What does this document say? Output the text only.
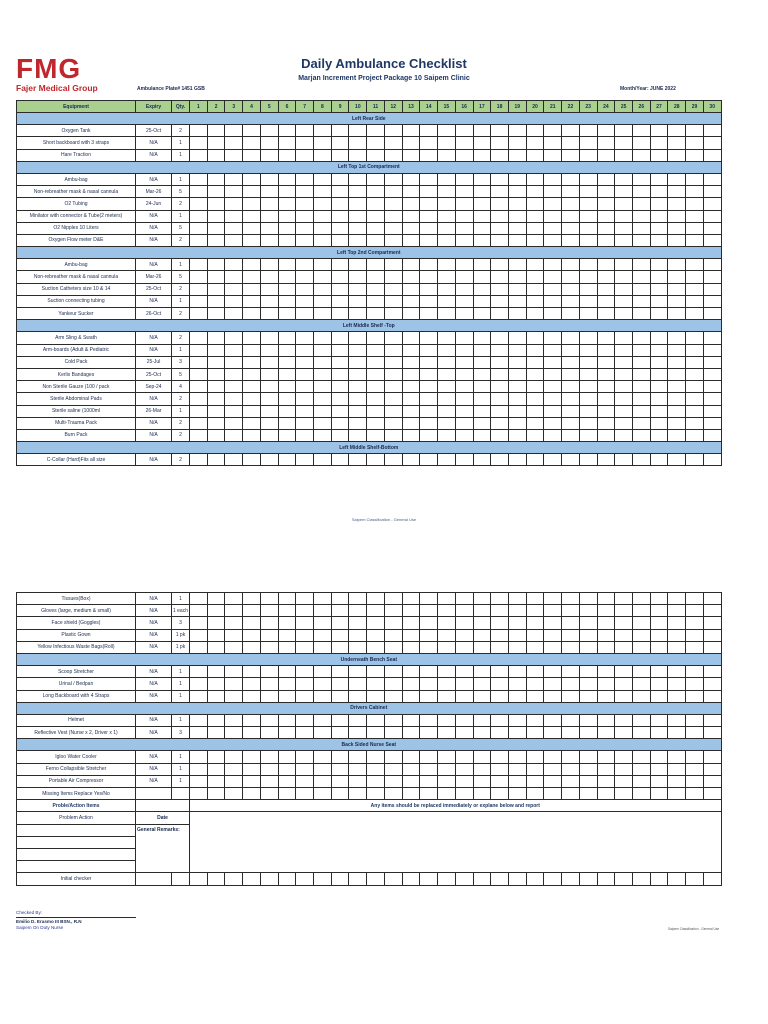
FMG
Fajer Medical Group
Daily Ambulance Checklist
Marjan Increment Project Package 10 Saipem Clinic
Ambulance Plate# 1451 GSB	Month/Year: JUNE 2022
Equipment	Expiry	Qty.	1	2	3	4	5	6	7	8	9	10	11	12	13	14	15	16	17	18	19	20	21	22	23	24	25	26	27	28	29	30
Left Rear Side																																
Oxygen Tank	25-Oct	2																														
Short backboard with 3 straps	N/A	1																														
Hare Traction	N/A	1																														
Left Top 1st Compartment																																
Ambu-bag	N/A	1																														
Non-rebreather mask & nasal cannula	Mar-26	5																														
O2 Tubing	24-Jun	2																														
Minilator with connector & Tube(2 meters)	N/A	1																														
O2 Nipples 10 Liters	N/A	5																														
Oxygen Flow meter D&E	N/A	2																														
Left Top 2nd Compartment																																
Ambu-bag	N/A	1																														
Non-rebreather mask & nasal cannula	Mar-26	5																														
Suction Catheters size 10 & 14	25-Oct	2																														
Suction connecting tubing	N/A	1																														
Yankeur Sucker	26-Oct	2																														
Left Middle Shelf -Top																																
Arm Sling & Swath	N/A	2																														
Arm-boards (Adult & Pediatric	N/A	1																														
Cold Pack	25-Jul	3																														
Kerlix Bandages	25-Oct	5																														
Non Sterile Gauze (100 / pack	Sep-24	4																														
Sterile Abdominal Pads	N/A	2																														
Sterile saline (1000ml	26-Mar	1																														
Multi-Trauma Pack	N/A	2																														
Burn Pack	N/A	2																														
Left Middle Shelf-Bottom																																
C-Collar (Hard)Fits all size	N/A	2																														
Saipem Classification - General Use
Tissues(Box)	N/A	1																														
Gloves (large, medium & small)	N/A	1 each																														
Face shield (Goggles)	N/A	3																														
Plastic Gown	N/A	1 pk																														
Yellow Infectious Waste Bags(Roll)	N/A	1 pk																														
Underneath Bench Seat																																
Scoop Stretcher	N/A	1																														
Urinal / Bedpan	N/A	1																														
Long Backboard with 4 Straps	N/A	1																														
Drivers Cabinet																																
Helmet	N/A	1																														
Reflective Vest (Nurse x 2, Driver x 1)	N/A	3																														
Back Sided Nurse Seat																																
Igloo Water Cooler	N/A	1																														
Ferno Collapsible Stretcher	N/A	1																														
Portable Air Compressor	N/A	1																														
Missing Items Replace Yes/No																																
Proble/Action Items			Any items should be replaced immediately or explane below and report																													
Problem Action	Date																															
	General Remarks:																															

Initial checker																																
Checked By:
Emilio D. Erasmo III BSN., R.N
Saipem On Duty Nurse	Saipem Classification - General Use
